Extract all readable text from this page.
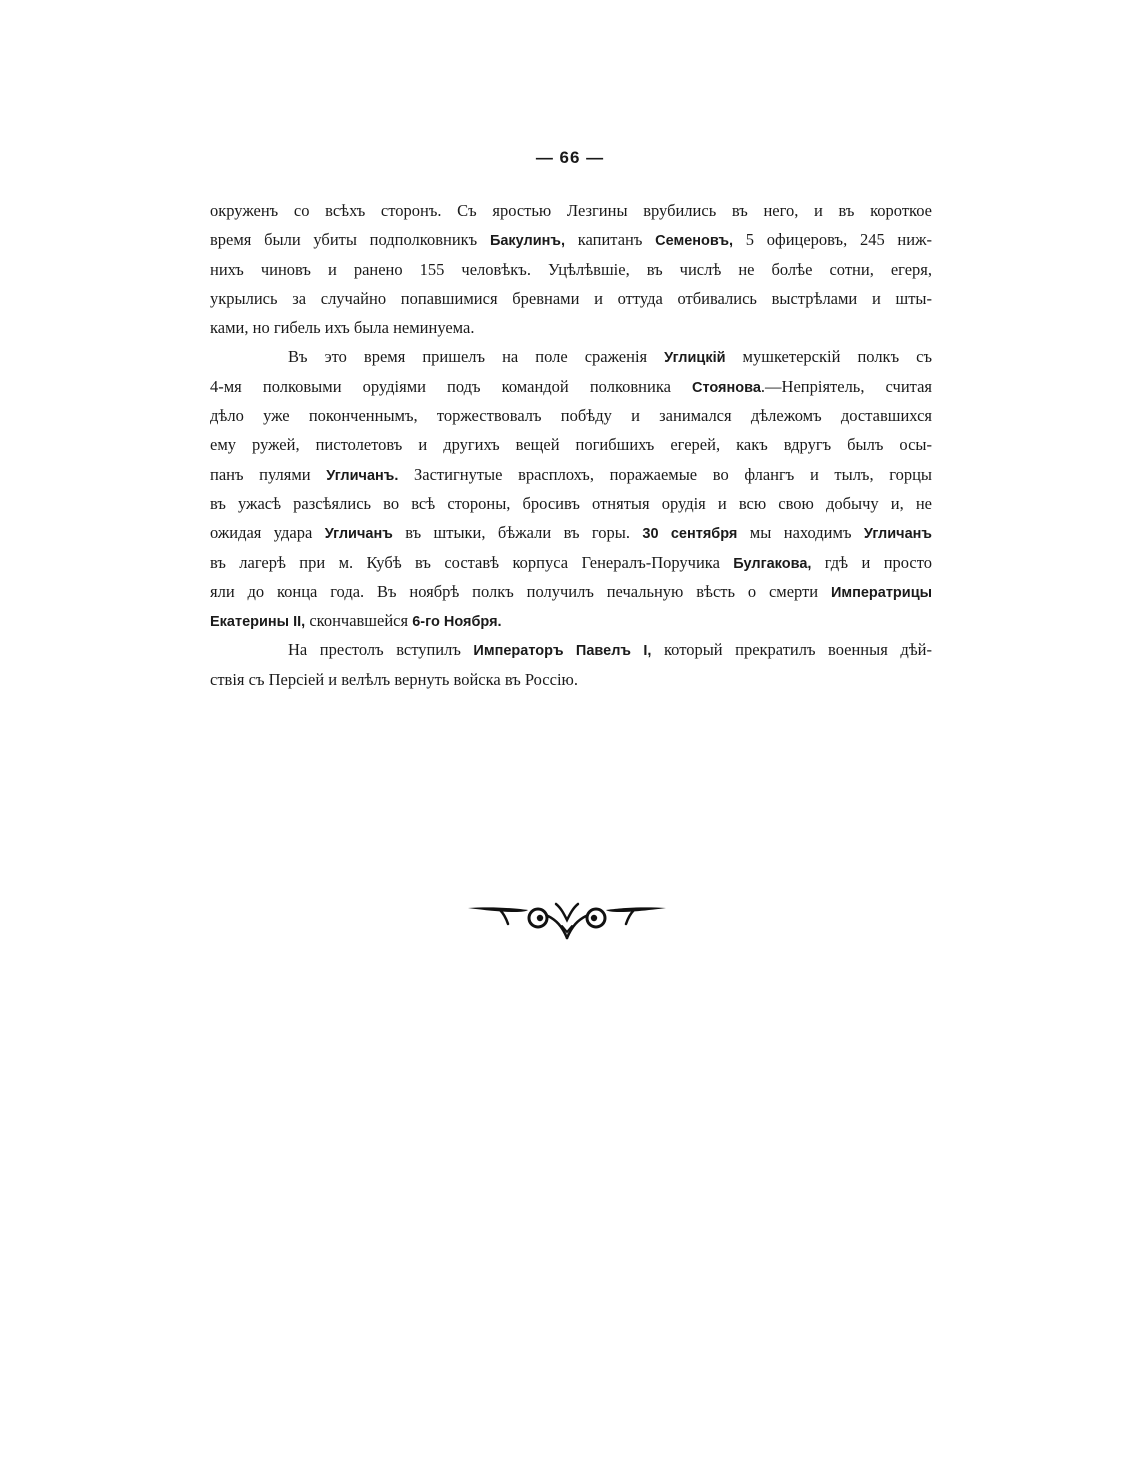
— 66 —
окруженъ со всѣхъ сторонъ. Съ яростью Лезгины врубились въ него, и въ короткое
время были убиты подполковникъ Бакулинъ, капитанъ Семеновъ, 5 офицеровъ, 245 ниж-
нихъ чиновъ и ранено 155 человѣкъ. Уцѣлѣвшіе, въ числѣ не болѣе сотни, егеря,
укрылись за случайно попавшимися бревнами и оттуда отбивались выстрѣлами и шты-
ками, но гибель ихъ была неминуема.
Въ это время пришелъ на поле сраженія Углицкій мушкетерскій полкъ съ
4-мя полковыми орудіями подъ командой полковника Стоянова.—Непріятель, считая
дѣло уже поконченнымъ, торжествовалъ побѣду и занимался дѣлежомъ доставшихся
ему ружей, пистолетовъ и другихъ вещей погибшихъ егерей, какъ вдругъ былъ осы-
панъ пулями Угличанъ. Застигнутые врасплохъ, поражаемые во флангъ и тылъ, горцы
въ ужасѣ разсѣялись во всѣ стороны, бросивъ отнятыя орудія и всю свою добычу и, не
ожидая удара Угличанъ въ штыки, бѣжали въ горы. 30 сентября мы находимъ Угличанъ
въ лагерѣ при м. Кубѣ въ составѣ корпуса Генералъ-Поручика Булгакова, гдѣ и просто
яли до конца года. Въ ноябрѣ полкъ получилъ печальную вѣсть о смерти Императрицы
Екатерины II, скончавшейся 6-го Ноября.
На престолъ вступилъ Императоръ Павелъ I, который прекратилъ военныя дѣй-
ствія съ Персіей и велѣлъ вернуть войска въ Россію.
